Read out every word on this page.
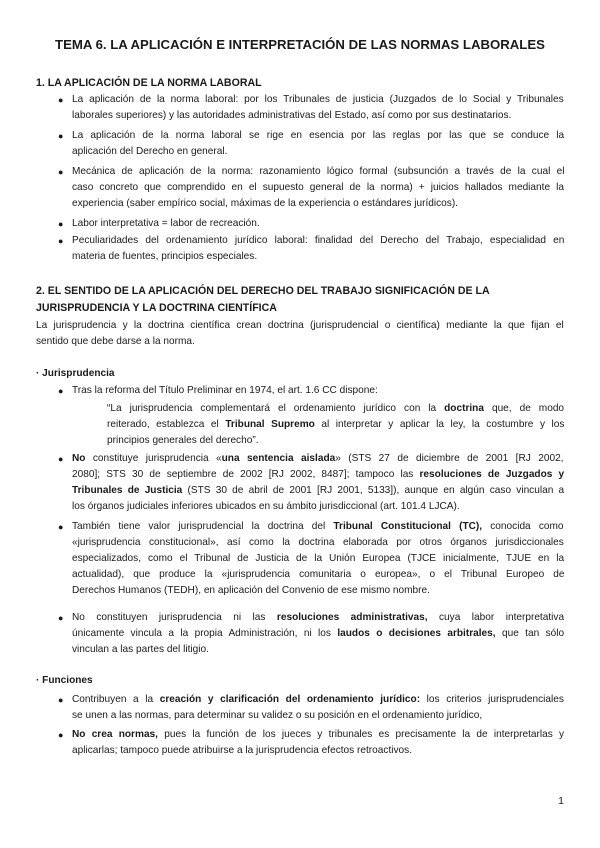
TEMA 6. LA APLICACIÓN E INTERPRETACIÓN DE LAS NORMAS LABORALES
1. LA APLICACIÓN DE LA NORMA LABORAL
● La aplicación de la norma laboral: por los Tribunales de justicia (Juzgados de lo Social y Tribunales
laborales superiores) y las autoridades administrativas del Estado, así como por sus destinatarios.
● La aplicación de la norma laboral se rige en esencia por las reglas por las que se conduce la
aplicación del Derecho en general.
● Mecánica de aplicación de la norma: razonamiento lógico formal (subsunción a través de la cual el
caso concreto que comprendido en el supuesto general de la norma) + juicios hallados mediante la
experiencia (saber empírico social, máximas de la experiencia o estándares jurídicos).
● Labor interpretativa = labor de recreación.
● Peculiaridades del ordenamiento jurídico laboral: finalidad del Derecho del Trabajo, especialidad en
materia de fuentes, principios especiales.
2. EL SENTIDO DE LA APLICACIÓN DEL DERECHO DEL TRABAJO SIGNIFICACIÓN DE LA
JURISPRUDENCIA Y LA DOCTRINA CIENTÍFICA
La jurisprudencia y la doctrina científica crean doctrina (jurisprudencial o científica) mediante la que fijan el
sentido que debe darse a la norma.
· Jurisprudencia
● Tras la reforma del Título Preliminar en 1974, el art. 1.6 CC dispone:
“La jurisprudencia complementará el ordenamiento jurídico con la doctrina que, de modo
reiterado, establezca el Tribunal Supremo al interpretar y aplicar la ley, la costumbre y los
principios generales del derecho”.
● No constituye jurisprudencia «una sentencia aislada» (STS 27 de diciembre de 2001 [RJ 2002,
2080]; STS 30 de septiembre de 2002 [RJ 2002, 8487]; tampoco las resoluciones de Juzgados y
Tribunales de Justicia (STS 30 de abril de 2001 [RJ 2001, 5133]), aunque en algún caso vinculan a
los órganos judiciales inferiores ubicados en su ámbito jurisdiccional (art. 101.4 LJCA).
● También tiene valor jurisprudencial la doctrina del Tribunal Constitucional (TC), conocida como
«jurisprudencia constitucional», así como la doctrina elaborada por otros órganos jurisdiccionales
especializados, como el Tribunal de Justicia de la Unión Europea (TJCE inicialmente, TJUE en la
actualidad), que produce la «jurisprudencia comunitaria o europea», o el Tribunal Europeo de
Derechos Humanos (TEDH), en aplicación del Convenio de ese mismo nombre.
● No constituyen jurisprudencia ni las resoluciones administrativas, cuya labor interpretativa
únicamente vincula a la propia Administración, ni los laudos o decisiones arbitrales, que tan sólo
vinculan a las partes del litigio.
· Funciones
● Contribuyen a la creación y clarificación del ordenamiento jurídico: los criterios jurisprudenciales
se unen a las normas, para determinar su validez o su posición en el ordenamiento jurídico,
● No crea normas, pues la función de los jueces y tribunales es precisamente la de interpretarlas y
aplicarlas; tampoco puede atribuirse a la jurisprudencia efectos retroactivos.
1
